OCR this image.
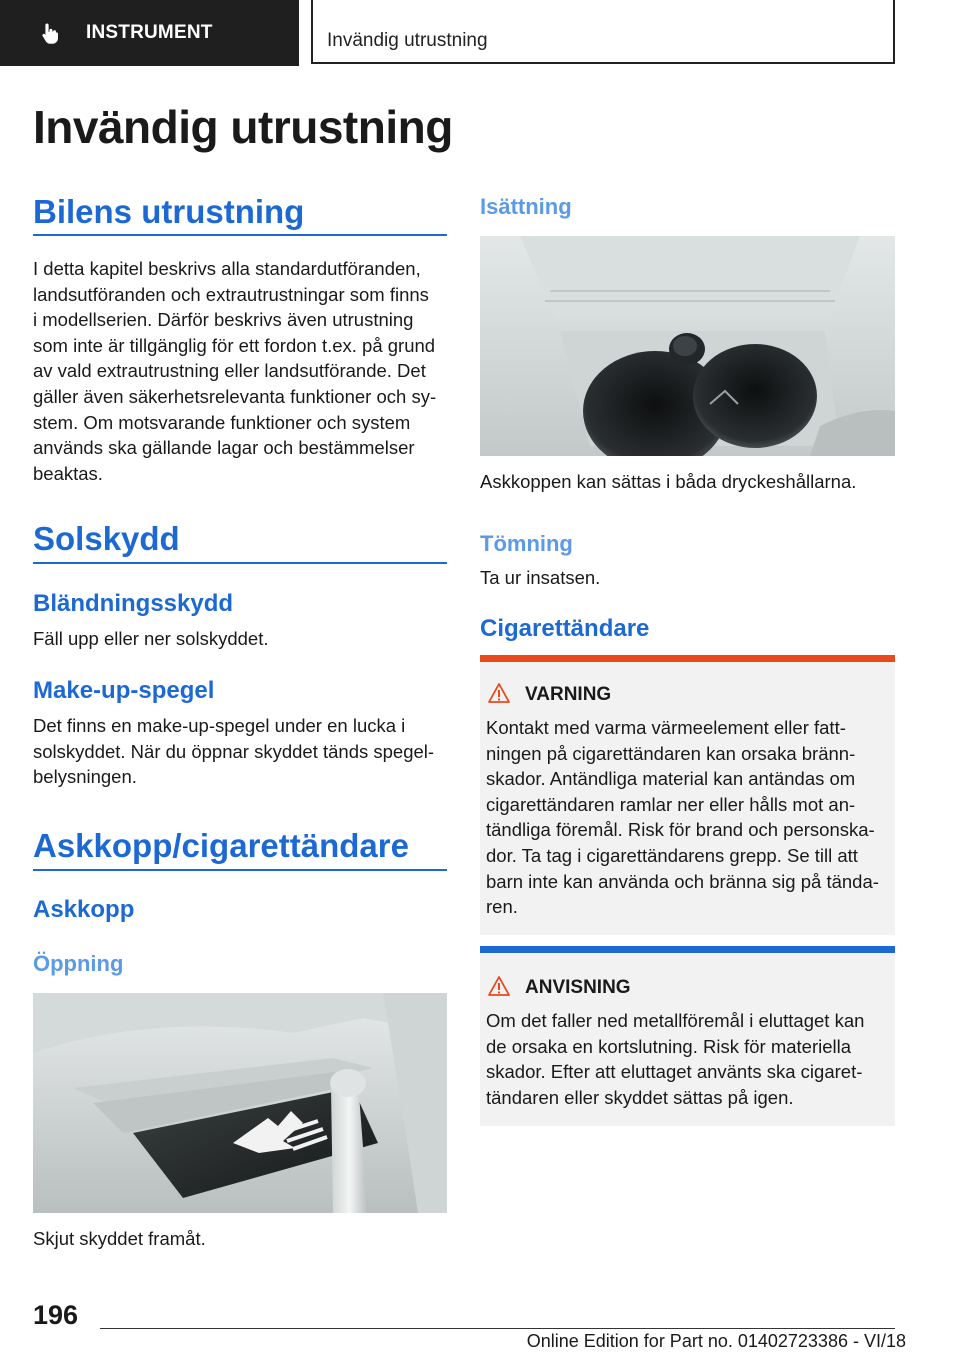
INSTRUMENT	Invändig utrustning
Invändig utrustning
Bilens utrustning
I detta kapitel beskrivs alla standardutföranden,
landsutföranden och extrautrustningar som finns
i modellserien. Därför beskrivs även utrustning
som inte är tillgänglig för ett fordon t.ex. på grund
av vald extrautrustning eller landsutförande. Det
gäller även säkerhetsrelevanta funktioner och sy‐
stem. Om motsvarande funktioner och system
används ska gällande lagar och bestämmelser
beaktas.
Solskydd
Bländningsskydd
Fäll upp eller ner solskyddet.
Make-up-spegel
Det finns en make-up-spegel under en lucka i
solskyddet. När du öppnar skyddet tänds spegel‐
belysningen.
Askkopp/cigarettändare
Askkopp
Öppning
Skjut skyddet framåt.
Isättning
Askkoppen kan sättas i båda dryckeshållarna.
Tömning
Ta ur insatsen.
Cigarettändare
VARNING
Kontakt med varma värmeelement eller fatt‐
ningen på cigarettändaren kan orsaka bränn‐
skador. Antändliga material kan antändas om
cigarettändaren ramlar ner eller hålls mot an‐
tändliga föremål. Risk för brand och personska‐
dor. Ta tag i cigarettändarens grepp. Se till att
barn inte kan använda och bränna sig på tända‐
ren.
ANVISNING
Om det faller ned metallföremål i eluttaget kan
de orsaka en kortslutning. Risk för materiella
skador. Efter att eluttaget använts ska cigaret‐
tändaren eller skyddet sättas på igen.
196
Online Edition for Part no. 01402723386 - VI/18
